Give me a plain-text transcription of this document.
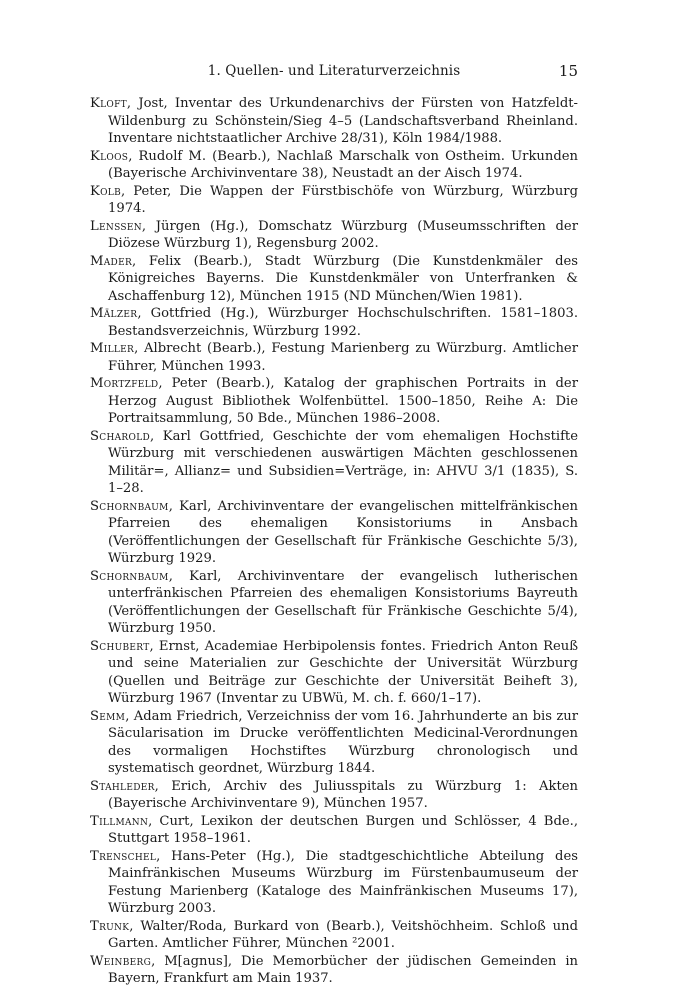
1. Quellen- und Literaturverzeichnis	15

Kloft, Jost, Inventar des Urkundenarchivs der Fürsten von Hatzfeldt-Wildenburg zu Schönstein/Sieg 4–5 (Landschaftsverband Rheinland. Inventare nichtstaatlicher Archive 28/31), Köln 1984/1988.

Kloos, Rudolf M. (Bearb.), Nachlaß Marschalk von Ostheim. Urkunden (Bayerische Archivinventare 38), Neustadt an der Aisch 1974.

Kolb, Peter, Die Wappen der Fürstbischöfe von Würzburg, Würzburg 1974.

Lenssen, Jürgen (Hg.), Domschatz Würzburg (Museumsschriften der Diözese Würzburg 1), Regensburg 2002.

Mader, Felix (Bearb.), Stadt Würzburg (Die Kunstdenkmäler des Königreiches Bayerns. Die Kunstdenkmäler von Unterfranken & Aschaffenburg 12), München 1915 (ND München/Wien 1981).

Mälzer, Gottfried (Hg.), Würzburger Hochschulschriften. 1581–1803. Bestandsverzeichnis, Würzburg 1992.

Miller, Albrecht (Bearb.), Festung Marienberg zu Würzburg. Amtlicher Führer, München 1993.

Mortzfeld, Peter (Bearb.), Katalog der graphischen Portraits in der Herzog August Bibliothek Wolfenbüttel. 1500–1850, Reihe A: Die Portraitsammlung, 50 Bde., München 1986–2008.

Scharold, Karl Gottfried, Geschichte der vom ehemaligen Hochstifte Würzburg mit verschiedenen auswärtigen Mächten geschlossenen Militär=, Allianz= und Subsidien=Verträge, in: AHVU 3/1 (1835), S. 1–28.

Schornbaum, Karl, Archivinventare der evangelischen mittelfränkischen Pfarreien des ehemaligen Konsistoriums in Ansbach (Veröffentlichungen der Gesellschaft für Fränkische Geschichte 5/3), Würzburg 1929.

Schornbaum, Karl, Archivinventare der evangelisch lutherischen unterfränkischen Pfarreien des ehemaligen Konsistoriums Bayreuth (Veröffentlichungen der Gesellschaft für Fränkische Geschichte 5/4), Würzburg 1950.

Schubert, Ernst, Academiae Herbipolensis fontes. Friedrich Anton Reuß und seine Materialien zur Geschichte der Universität Würzburg (Quellen und Beiträge zur Geschichte der Universität Beiheft 3), Würzburg 1967 (Inventar zu UBWü, M. ch. f. 660/1–17).

Semm, Adam Friedrich, Verzeichniss der vom 16. Jahrhunderte an bis zur Säcularisation im Drucke veröffentlichten Medicinal-Verordnungen des vormaligen Hochstiftes Würzburg chronologisch und systematisch geordnet, Würzburg 1844.

Stahleder, Erich, Archiv des Juliusspitals zu Würzburg 1: Akten (Bayerische Archivinventare 9), München 1957.

Tillmann, Curt, Lexikon der deutschen Burgen und Schlösser, 4 Bde., Stuttgart 1958–1961.

Trenschel, Hans-Peter (Hg.), Die stadtgeschichtliche Abteilung des Mainfränkischen Museums Würzburg im Fürstenbaumuseum der Festung Marienberg (Kataloge des Mainfränkischen Museums 17), Würzburg 2003.

Trunk, Walter/Roda, Burkard von (Bearb.), Veitshöchheim. Schloß und Garten. Amtlicher Führer, München ²2001.

Weinberg, M[agnus], Die Memorbücher der jüdischen Gemeinden in Bayern, Frankfurt am Main 1937.
